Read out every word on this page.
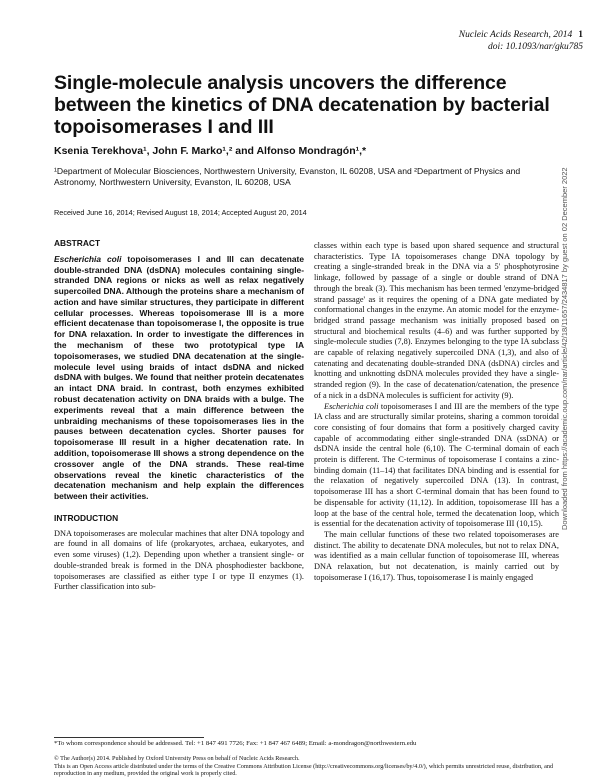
Nucleic Acids Research, 2014 1
doi: 10.1093/nar/gku785
Single-molecule analysis uncovers the difference between the kinetics of DNA decatenation by bacterial topoisomerases I and III
Ksenia Terekhova¹, John F. Marko¹,² and Alfonso Mondragón¹,*
¹Department of Molecular Biosciences, Northwestern University, Evanston, IL 60208, USA and ²Department of Physics and Astronomy, Northwestern University, Evanston, IL 60208, USA
Received June 16, 2014; Revised August 18, 2014; Accepted August 20, 2014

ABSTRACT

Escherichia coli topoisomerases I and III can decatenate double-stranded DNA (dsDNA) molecules containing single-stranded DNA regions or nicks as well as relax negatively supercoiled DNA. Although the proteins share a mechanism of action and have similar structures, they participate in different cellular processes. Whereas topoisomerase III is a more efficient decatenase than topoisomerase I, the opposite is true for DNA relaxation. In order to investigate the differences in the mechanism of these two prototypical type IA topoisomerases, we studied DNA decatenation at the single-molecule level using braids of intact dsDNA and nicked dsDNA with bulges. We found that neither protein decatenates an intact DNA braid. In contrast, both enzymes exhibited robust decatenation activity on DNA braids with a bulge. The experiments reveal that a main difference between the unbraiding mechanisms of these topoisomerases lies in the pauses between decatenation cycles. Shorter pauses for topoisomerase III result in a higher decatenation rate. In addition, topoisomerase III shows a strong dependence on the crossover angle of the DNA strands. These real-time observations reveal the kinetic characteristics of the decatenation mechanism and help explain the differences between their activities.

INTRODUCTION

DNA topoisomerases are molecular machines that alter DNA topology and are found in all domains of life (prokaryotes, archaea, eukaryotes, and even some viruses) (1,2). Depending upon whether a transient single- or double-stranded break is formed in the DNA phosphodiester backbone, topoisomerases are classified as either type I or type II enzymes (1). Further classification into sub-

classes within each type is based upon shared sequence and structural characteristics. Type IA topoisomerases change DNA topology by creating a single-stranded break in the DNA via a 5′ phosphotyrosine linkage, followed by passage of a single or double strand of DNA through the break (3). This mechanism has been termed 'enzyme-bridged strand passage' as it requires the opening of a DNA gate mediated by conformational changes in the enzyme. An atomic model for the enzyme-bridged strand passage mechanism was initially proposed based on structural and biochemical results (4–6) and was further supported by single-molecule studies (7,8). Enzymes belonging to the type IA subclass are capable of relaxing negatively supercoiled DNA (1,3), and also of catenating and decatenating double-stranded DNA (dsDNA) circles and knotting and unknotting dsDNA molecules provided they have a single-stranded region (9). In the case of decatenation/catenation, the presence of a nick in a dsDNA molecules is sufficient for activity (9).

Escherichia coli topoisomerases I and III are the members of the type IA class and are structurally similar proteins, sharing a common toroidal core consisting of four domains that form a positively charged cavity capable of accommodating either single-stranded DNA (ssDNA) or dsDNA inside the central hole (6,10). The C-terminal domain of each protein is different. The C-terminus of topoisomerase I contains a zinc-binding domain (11–14) that facilitates DNA binding and is essential for the relaxation of negatively supercoiled DNA (13). In contrast, topoisomerase III has a short C-terminal domain that has been found to be dispensable for activity (11,12). In addition, topoisomerase III has a loop at the base of the central hole, termed the decatenation loop, which is essential for the decatenation activity of topoisomerase III (10,15).

The main cellular functions of these two related topoisomerases are distinct. The ability to decatenate DNA molecules, but not to relax DNA, was identified as a main cellular function of topoisomerase III, whereas DNA relaxation, but not decatenation, is mainly carried out by topoisomerase I (16,17). Thus, topoisomerase I is mainly engaged

*To whom correspondence should be addressed. Tel: +1 847 491 7726; Fax: +1 847 467 6489; Email: a-mondragon@northwestern.edu
© The Author(s) 2014. Published by Oxford University Press on behalf of Nucleic Acids Research.
This is an Open Access article distributed under the terms of the Creative Commons Attribution License (http://creativecommons.org/licenses/by/4.0/), which permits unrestricted reuse, distribution, and reproduction in any medium, provided the original work is properly cited.
Downloaded from https://academic.oup.com/nar/article/42/18/11657/2434817 by guest on 02 December 2022
